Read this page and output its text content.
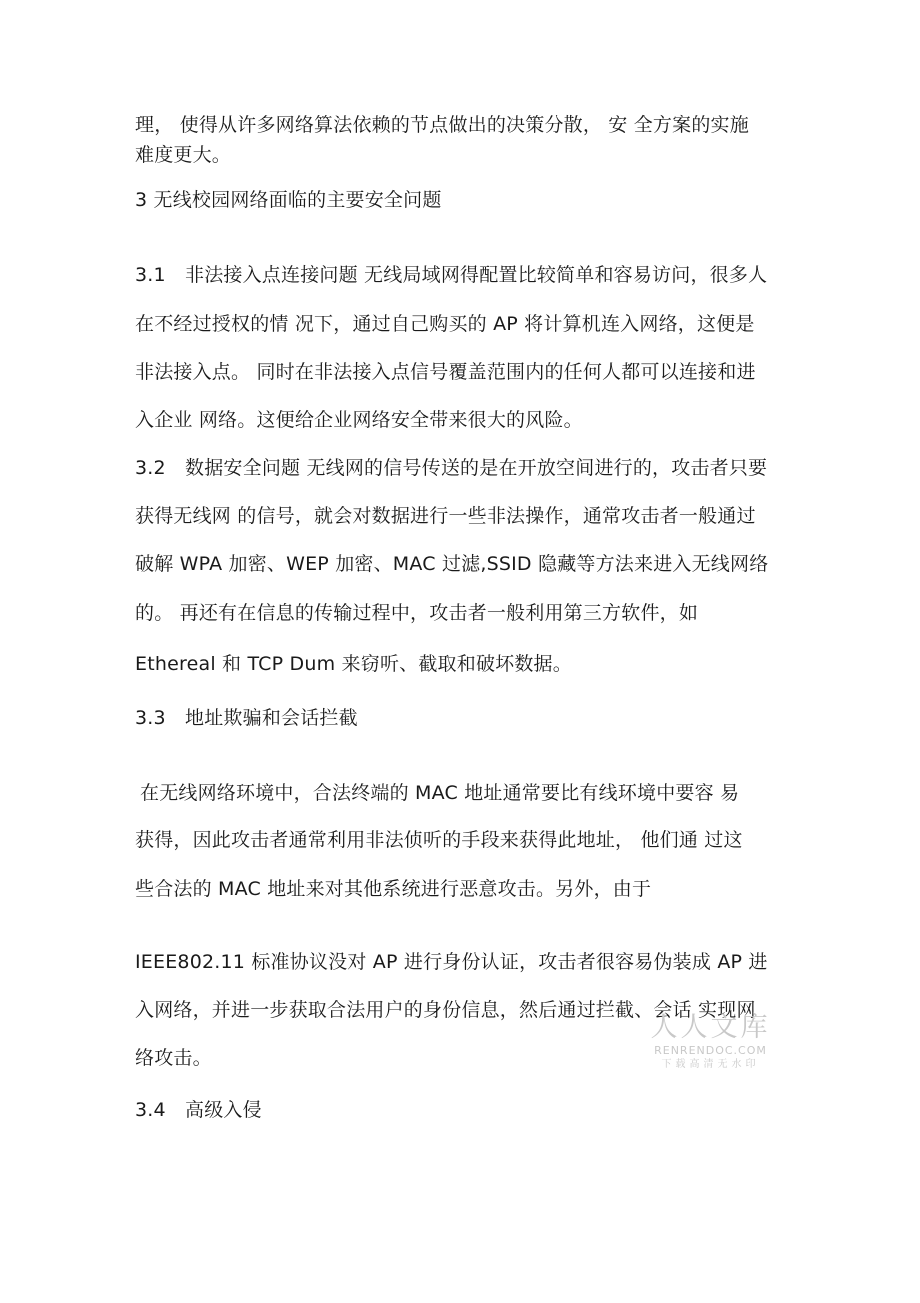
理， 使得从许多网络算法依赖的节点做出的决策分散， 安 全方案的实施
难度更大。
3 无线校园网络面临的主要安全问题
3.1　非法接入点连接问题 无线局域网得配置比较简单和容易访问，很多人
在不经过授权的情 况下，通过自己购买的 AP 将计算机连入网络，这便是
非法接入点。 同时在非法接入点信号覆盖范围内的任何人都可以连接和进
入企业 网络。这便给企业网络安全带来很大的风险。
3.2　数据安全问题 无线网的信号传送的是在开放空间进行的，攻击者只要
获得无线网 的信号，就会对数据进行一些非法操作，通常攻击者一般通过
破解 WPA 加密、WEP 加密、MAC 过滤,SSID 隐藏等方法来进入无线网络
的。 再还有在信息的传输过程中，攻击者一般利用第三方软件，如
Ethereal 和 TCP Dum 来窃听、截取和破坏数据。
3.3　地址欺骗和会话拦截
在无线网络环境中，合法终端的 MAC 地址通常要比有线环境中要容 易
获得，因此攻击者通常利用非法侦听的手段来获得此地址， 他们通 过这
些合法的 MAC 地址来对其他系统进行恶意攻击。另外，由于
IEEE802.11 标准协议没对 AP 进行身份认证，攻击者很容易伪装成 AP 进
入网络，并进一步获取合法用户的身份信息，然后通过拦截、会话 实现网
络攻击。
3.4　高级入侵
人人文库
RENRENDOC.COM
下载高清无水印
